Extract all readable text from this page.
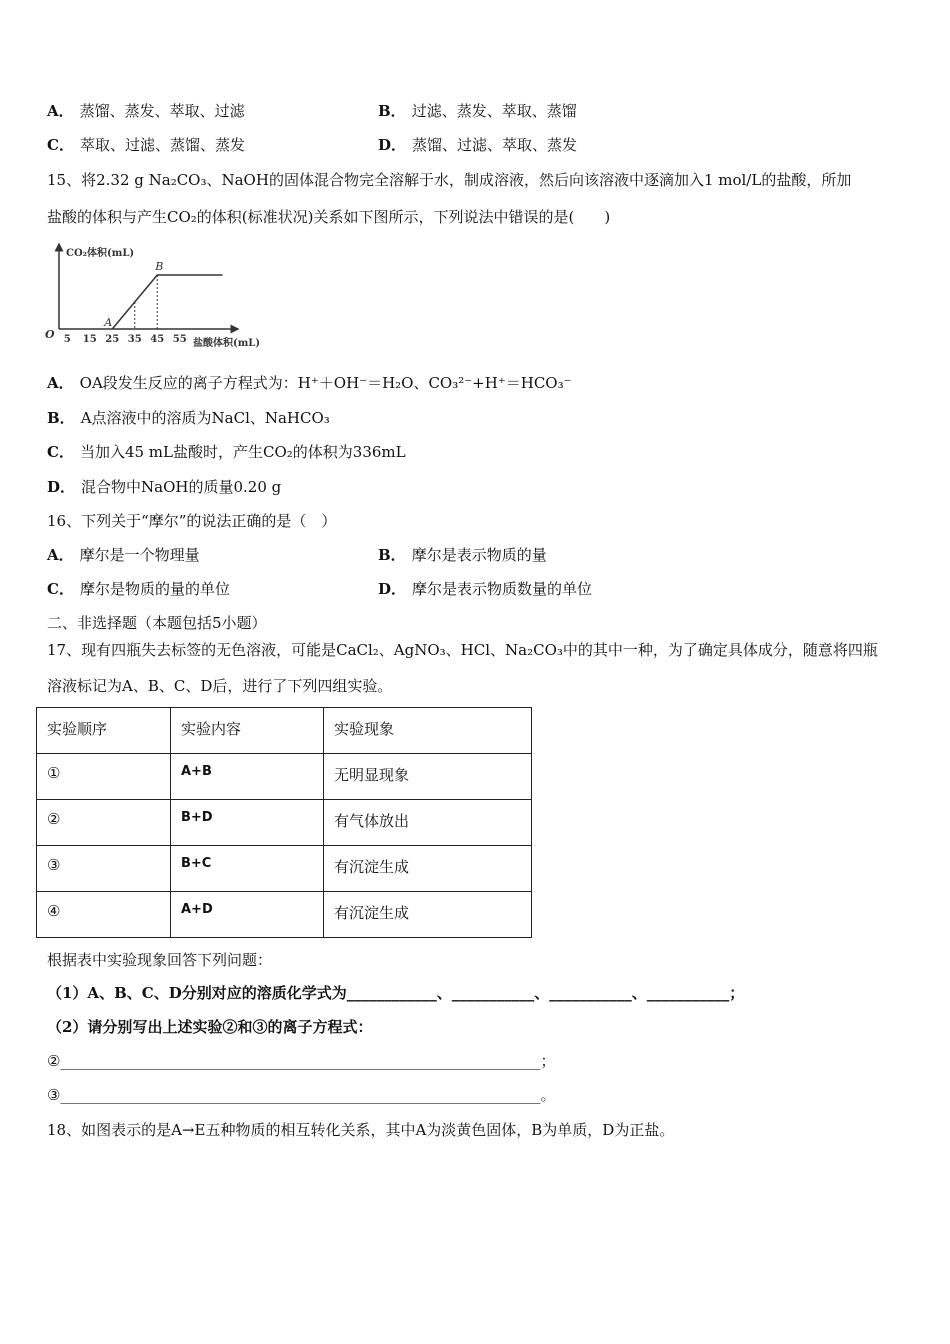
A． 蒸馏、蒸发、萃取、过滤	B． 过滤、蒸发、萃取、蒸馏
C． 萃取、过滤、蒸馏、蒸发	D． 蒸馏、过滤、萃取、蒸发
15、将2.32 g Na₂CO₃、NaOH的固体混合物完全溶解于水，制成溶液，然后向该溶液中逐滴加入1 mol/L的盐酸，所加
盐酸的体积与产生CO₂的体积(标准状况)关系如下图所示，下列说法中错误的是(　　)
CO₂体积(mL)
盐酸体积(mL)
O 5 15 25 35 45 55
A
B
A． OA段发生反应的离子方程式为：H⁺＋OH⁻＝H₂O、CO₃²⁻+H⁺＝HCO₃⁻
B． A点溶液中的溶质为NaCl、NaHCO₃
C． 当加入45 mL盐酸时，产生CO₂的体积为336mL
D． 混合物中NaOH的质量0.20 g
16、下列关于“摩尔”的说法正确的是（　）
A． 摩尔是一个物理量	B． 摩尔是表示物质的量
C． 摩尔是物质的量的单位	D． 摩尔是表示物质数量的单位
二、非选择题（本题包括5小题）
17、现有四瓶失去标签的无色溶液，可能是CaCl₂、AgNO₃、HCl、Na₂CO₃中的其中一种，为了确定具体成分，随意将四瓶
溶液标记为A、B、C、D后，进行了下列四组实验。
实验顺序	实验内容	实验现象
①	A+B	无明显现象
②	B+D	有气体放出
③	B+C	有沉淀生成
④	A+D	有沉淀生成
根据表中实验现象回答下列问题：
（1）A、B、C、D分别对应的溶质化学式为____________、___________、___________、___________；
（2）请分别写出上述实验②和③的离子方程式：
②________________________________________________________________；
③________________________________________________________________。
18、如图表示的是A→E五种物质的相互转化关系，其中A为淡黄色固体，B为单质，D为正盐。
